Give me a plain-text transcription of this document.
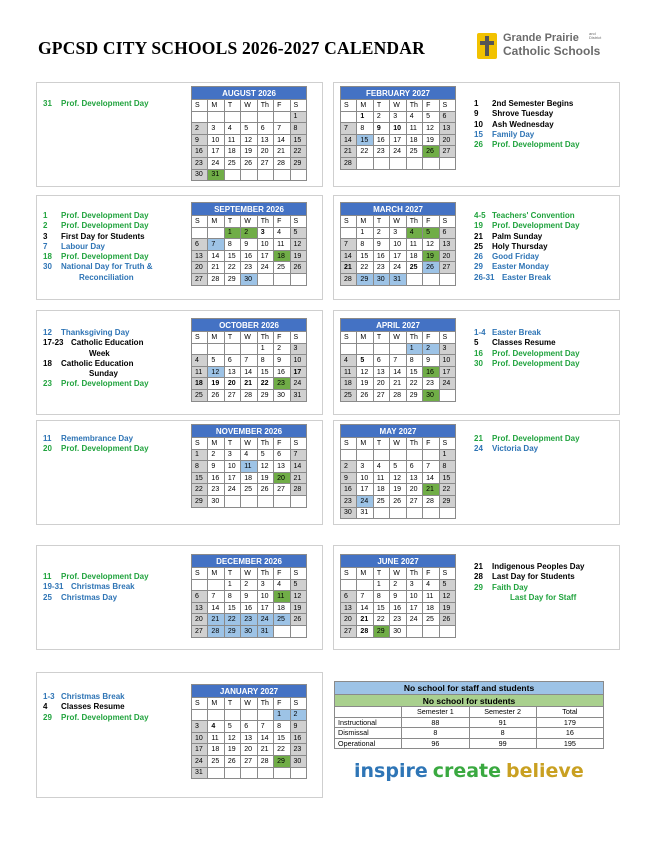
GPCSD CITY SCHOOLS 2026-2027 CALENDAR	Grande Prairie
Catholic Schools
and District
AUGUST 2026						
S	M	T	W	Th	F	S
						1
2	3	4	5	6	7	8
9	10	11	12	13	14	15
16	17	18	19	20	21	22
23	24	25	26	27	28	29
30	31					
FEBRUARY 2027						
S	M	T	W	Th	F	S
	1	2	3	4	5	6
7	8	9	10	11	12	13
14	15	16	17	18	19	20
21	22	23	24	25	26	27
28						
SEPTEMBER 2026						
S	M	T	W	Th	F	S
		1	2	3	4	5
6	7	8	9	10	11	12
13	14	15	16	17	18	19
20	21	22	23	24	25	26
27	28	29	30			
MARCH 2027						
S	M	T	W	Th	F	S
	1	2	3	4	5	6
7	8	9	10	11	12	13
14	15	16	17	18	19	20
21	22	23	24	25	26	27
28	29	30	31			
OCTOBER 2026						
S	M	T	W	Th	F	S
				1	2	3
4	5	6	7	8	9	10
11	12	13	14	15	16	17
18	19	20	21	22	23	24
25	26	27	28	29	30	31
APRIL 2027						
S	M	T	W	Th	F	S
				1	2	3
4	5	6	7	8	9	10
11	12	13	14	15	16	17
18	19	20	21	22	23	24
25	26	27	28	29	30	
NOVEMBER 2026						
S	M	T	W	Th	F	S
1	2	3	4	5	6	7
8	9	10	11	12	13	14
15	16	17	18	19	20	21
22	23	24	25	26	27	28
29	30					
MAY 2027						
S	M	T	W	Th	F	S
						1
2	3	4	5	6	7	8
9	10	11	12	13	14	15
16	17	18	19	20	21	22
23	24	25	26	27	28	29
30	31					
DECEMBER 2026						
S	M	T	W	Th	F	S
		1	2	3	4	5
6	7	8	9	10	11	12
13	14	15	16	17	18	19
20	21	22	23	24	25	26
27	28	29	30	31		
JUNE 2027						
S	M	T	W	Th	F	S
		1	2	3	4	5
6	7	8	9	10	11	12
13	14	15	16	17	18	19
20	21	22	23	24	25	26
27	28	29	30			
JANUARY 2027						
S	M	T	W	Th	F	S
					1	2
3	4	5	6	7	8	9
10	11	12	13	14	15	16
17	18	19	20	21	22	23
24	25	26	27	28	29	30
31						
31 Prof. Development Day	1 2nd Semester Begins
9 Shrove Tuesday
10 Ash Wednesday
15 Family Day
26 Prof. Development Day
1 Prof. Development Day
2 Prof. Development Day
3 First Day for Students
7 Labour Day
18 Prof. Development Day
30 National Day for Truth &
Reconciliation
4-5 Teachers' Convention
19 Prof. Development Day
21 Palm Sunday
25 Holy Thursday
26 Good Friday
29 Easter Monday
26-31 Easter Break
12 Thanksgiving Day
17-23 Catholic Education
Week
18 Catholic Education
Sunday
23 Prof. Development Day
1-4 Easter Break
5 Classes Resume
16 Prof. Development Day
30 Prof. Development Day
11 Remembrance Day
20 Prof. Development Day
21 Prof. Development Day
24 Victoria Day
11 Prof. Development Day
19-31 Christmas Break
25 Christmas Day
21 Indigenous Peoples Day
28 Last Day for Students
29 Faith Day
Last Day for Staff
1-3 Christmas Break
4 Classes Resume
29 Prof. Development Day
No school for staff and students			
No school for students			
	Semester 1	Semester 2	Total
Instructional	88	91	179
Dismissal	8	8	16
Operational	96	99	195
inspire create believe
